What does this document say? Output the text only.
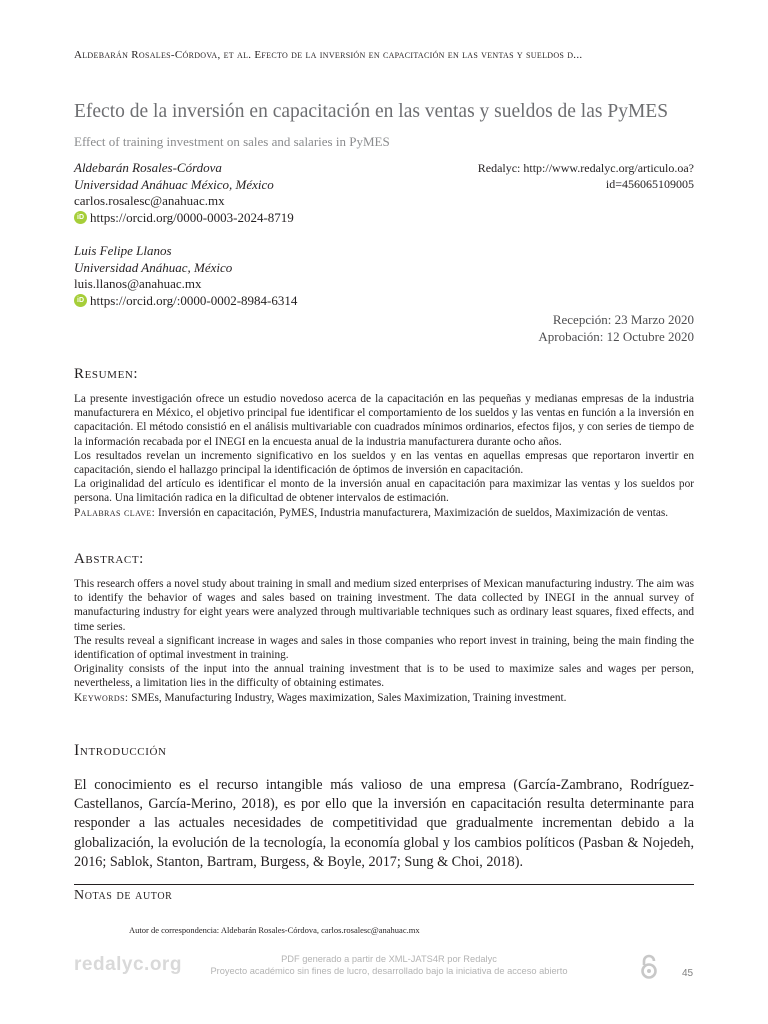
Aldebarán Rosales-Córdova, et al. Efecto de la inversión en capacitación en las ventas y sueldos d...
Efecto de la inversión en capacitación en las ventas y sueldos de las PyMES
Effect of training investment on sales and salaries in PyMES
Aldebarán Rosales-Córdova
Universidad Anáhuac México, México
carlos.rosalesc@anahuac.mx
iD https://orcid.org/0000-0003-2024-8719
Luis Felipe Llanos
Universidad Anáhuac, México
luis.llanos@anahuac.mx
iD https://orcid.org/:0000-0002-8984-6314
Redalyc: http://www.redalyc.org/articulo.oa?
id=456065109005
Recepción: 23 Marzo 2020
Aprobación: 12 Octubre 2020
Resumen:

La presente investigación ofrece un estudio novedoso acerca de la capacitación en las pequeñas y medianas empresas de la industria manufacturera en México, el objetivo principal fue identificar el comportamiento de los sueldos y las ventas en función a la inversión en capacitación. El método consistió en el análisis multivariable con cuadrados mínimos ordinarios, efectos fijos, y con series de tiempo de la información recabada por el INEGI en la encuesta anual de la industria manufacturera durante ocho años.

Los resultados revelan un incremento significativo en los sueldos y en las ventas en aquellas empresas que reportaron invertir en capacitación, siendo el hallazgo principal la identificación de óptimos de inversión en capacitación.

La originalidad del artículo es identificar el monto de la inversión anual en capacitación para maximizar las ventas y los sueldos por persona. Una limitación radica en la dificultad de obtener intervalos de estimación.

Palabras clave: Inversión en capacitación, PyMES, Industria manufacturera, Maximización de sueldos, Maximización de ventas.

Abstract:

This research offers a novel study about training in small and medium sized enterprises of Mexican manufacturing industry. The aim was to identify the behavior of wages and sales based on training investment. The data collected by INEGI in the annual survey of manufacturing industry for eight years were analyzed through multivariable techniques such as ordinary least squares, fixed effects, and time series.

The results reveal a significant increase in wages and sales in those companies who report invest in training, being the main finding the identification of optimal investment in training.

Originality consists of the input into the annual training investment that is to be used to maximize sales and wages per person, nevertheless, a limitation lies in the difficulty of obtaining estimates.

Keywords: SMEs, Manufacturing Industry, Wages maximization, Sales Maximization, Training investment.

Introducción

El conocimiento es el recurso intangible más valioso de una empresa (García-Zambrano, Rodríguez-Castellanos, García-Merino, 2018), es por ello que la inversión en capacitación resulta determinante para responder a las actuales necesidades de competitividad que gradualmente incrementan debido a la globalización, la evolución de la tecnología, la economía global y los cambios políticos (Pasban & Nojedeh, 2016; Sablok, Stanton, Bartram, Burgess, & Boyle, 2017; Sung & Choi, 2018).

Notas de autor
Autor de correspondencia: Aldebarán Rosales-Córdova, carlos.rosalesc@anahuac.mx
redalyc.org	PDF generado a partir de XML-JATS4R por Redalyc
Proyecto académico sin fines de lucro, desarrollado bajo la iniciativa de acceso abierto	45
